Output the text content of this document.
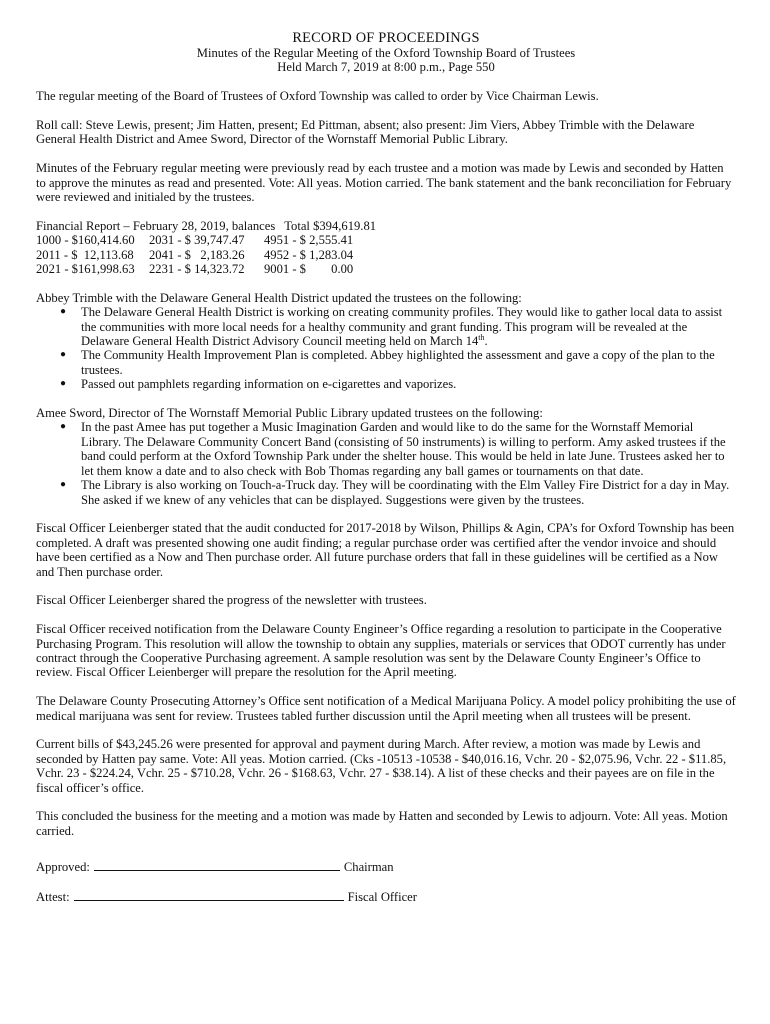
RECORD OF PROCEEDINGS
Minutes of the Regular Meeting of the Oxford Township Board of Trustees
Held March 7, 2019 at 8:00 p.m., Page 550

The regular meeting of the Board of Trustees of Oxford Township was called to order by Vice Chairman Lewis.

Roll call: Steve Lewis, present; Jim Hatten, present; Ed Pittman, absent; also present: Jim Viers, Abbey Trimble with the Delaware General Health District and Amee Sword, Director of the Wornstaff Memorial Public Library.

Minutes of the February regular meeting were previously read by each trustee and a motion was made by Lewis and seconded by Hatten to approve the minutes as read and presented. Vote: All yeas. Motion carried. The bank statement and the bank reconciliation for February were reviewed and initialed by the trustees.

Financial Report – February 28, 2019, balances Total $394,619.81
1000 - $160,414.60	2031 - $ 39,747.47	4951 - $ 2,555.41
2011 - $  12,113.68	2041 - $   2,183.26	4952 - $ 1,283.04
2021 - $161,998.63	2231 - $ 14,323.72	9001 - $        0.00
Abbey Trimble with the Delaware General Health District updated the trustees on the following:
● The Delaware General Health District is working on creating community profiles. They would like to gather local data to assist the communities with more local needs for a healthy community and grant funding. This program will be revealed at the Delaware General Health District Advisory Council meeting held on March 14th.
● The Community Health Improvement Plan is completed. Abbey highlighted the assessment and gave a copy of the plan to the trustees.
● Passed out pamphlets regarding information on e-cigarettes and vaporizes.
Amee Sword, Director of The Wornstaff Memorial Public Library updated trustees on the following:
● In the past Amee has put together a Music Imagination Garden and would like to do the same for the Wornstaff Memorial Library. The Delaware Community Concert Band (consisting of 50 instruments) is willing to perform. Amy asked trustees if the band could perform at the Oxford Township Park under the shelter house. This would be held in late June. Trustees asked her to let them know a date and to also check with Bob Thomas regarding any ball games or tournaments on that date.
● The Library is also working on Touch-a-Truck day. They will be coordinating with the Elm Valley Fire District for a day in May. She asked if we knew of any vehicles that can be displayed. Suggestions were given by the trustees.

Fiscal Officer Leienberger stated that the audit conducted for 2017-2018 by Wilson, Phillips & Agin, CPA’s for Oxford Township has been completed. A draft was presented showing one audit finding; a regular purchase order was certified after the vendor invoice and should have been certified as a Now and Then purchase order. All future purchase orders that fall in these guidelines will be certified as a Now and Then purchase order.

Fiscal Officer Leienberger shared the progress of the newsletter with trustees.

Fiscal Officer received notification from the Delaware County Engineer’s Office regarding a resolution to participate in the Cooperative Purchasing Program. This resolution will allow the township to obtain any supplies, materials or services that ODOT currently has under contract through the Cooperative Purchasing agreement. A sample resolution was sent by the Delaware County Engineer’s Office to review. Fiscal Officer Leienberger will prepare the resolution for the April meeting.

The Delaware County Prosecuting Attorney’s Office sent notification of a Medical Marijuana Policy. A model policy prohibiting the use of medical marijuana was sent for review. Trustees tabled further discussion until the April meeting when all trustees will be present.

Current bills of $43,245.26 were presented for approval and payment during March. After review, a motion was made by Lewis and seconded by Hatten pay same. Vote: All yeas. Motion carried. (Cks -10513 -10538 - $40,016.16, Vchr. 20 - $2,075.96, Vchr. 22 - $11.85, Vchr. 23 - $224.24, Vchr. 25 - $710.28, Vchr. 26 - $168.63, Vchr. 27 - $38.14). A list of these checks and their payees are on file in the fiscal officer’s office.

This concluded the business for the meeting and a motion was made by Hatten and seconded by Lewis to adjourn. Vote: All yeas. Motion carried.

Approved:	Chairman
Attest:	Fiscal Officer
